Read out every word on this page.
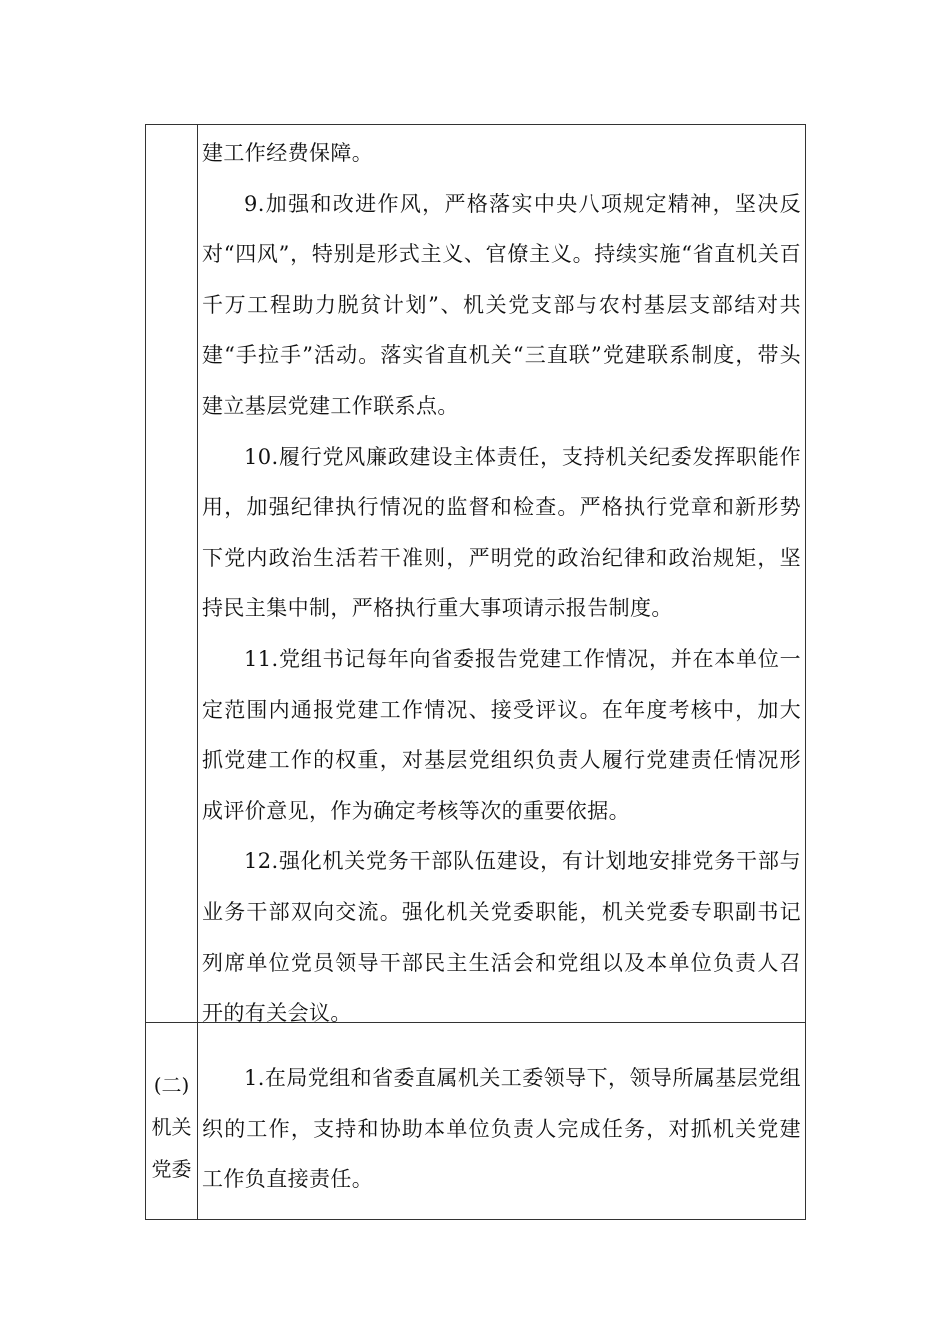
建工作经费保障。

9.加强和改进作风，严格落实中央八项规定精神，坚决反对“四风”，特别是形式主义、官僚主义。持续实施“省直机关百千万工程助力脱贫计划”、机关党支部与农村基层支部结对共建“手拉手”活动。落实省直机关“三直联”党建联系制度，带头建立基层党建工作联系点。

10.履行党风廉政建设主体责任，支持机关纪委发挥职能作用，加强纪律执行情况的监督和检查。严格执行党章和新形势下党内政治生活若干准则，严明党的政治纪律和政治规矩，坚持民主集中制，严格执行重大事项请示报告制度。

11.党组书记每年向省委报告党建工作情况，并在本单位一定范围内通报党建工作情况、接受评议。在年度考核中，加大抓党建工作的权重，对基层党组织负责人履行党建责任情况形成评价意见，作为确定考核等次的重要依据。

12.强化机关党务干部队伍建设，有计划地安排党务干部与业务干部双向交流。强化机关党委职能，机关党委专职副书记列席单位党员领导干部民主生活会和党组以及本单位负责人召开的有关会议。

(二)
机关
党委

1.在局党组和省委直属机关工委领导下，领导所属基层党组织的工作，支持和协助本单位负责人完成任务，对抓机关党建工作负直接责任。
